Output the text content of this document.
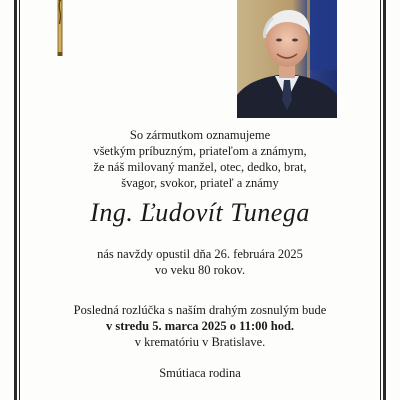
So zármutkom oznamujeme
všetkým príbuzným, priateľom a známym,
že náš milovaný manžel, otec, dedko, brat,
švagor, svokor, priateľ a známy
Ing. Ľudovít Tunega
nás navždy opustil dňa 26. februára 2025
vo veku 80 rokov.
Posledná rozlúčka s naším drahým zosnulým bude
v stredu 5. marca 2025 o 11:00 hod.
v krematóriu v Bratislave.
Smútiaca rodina
